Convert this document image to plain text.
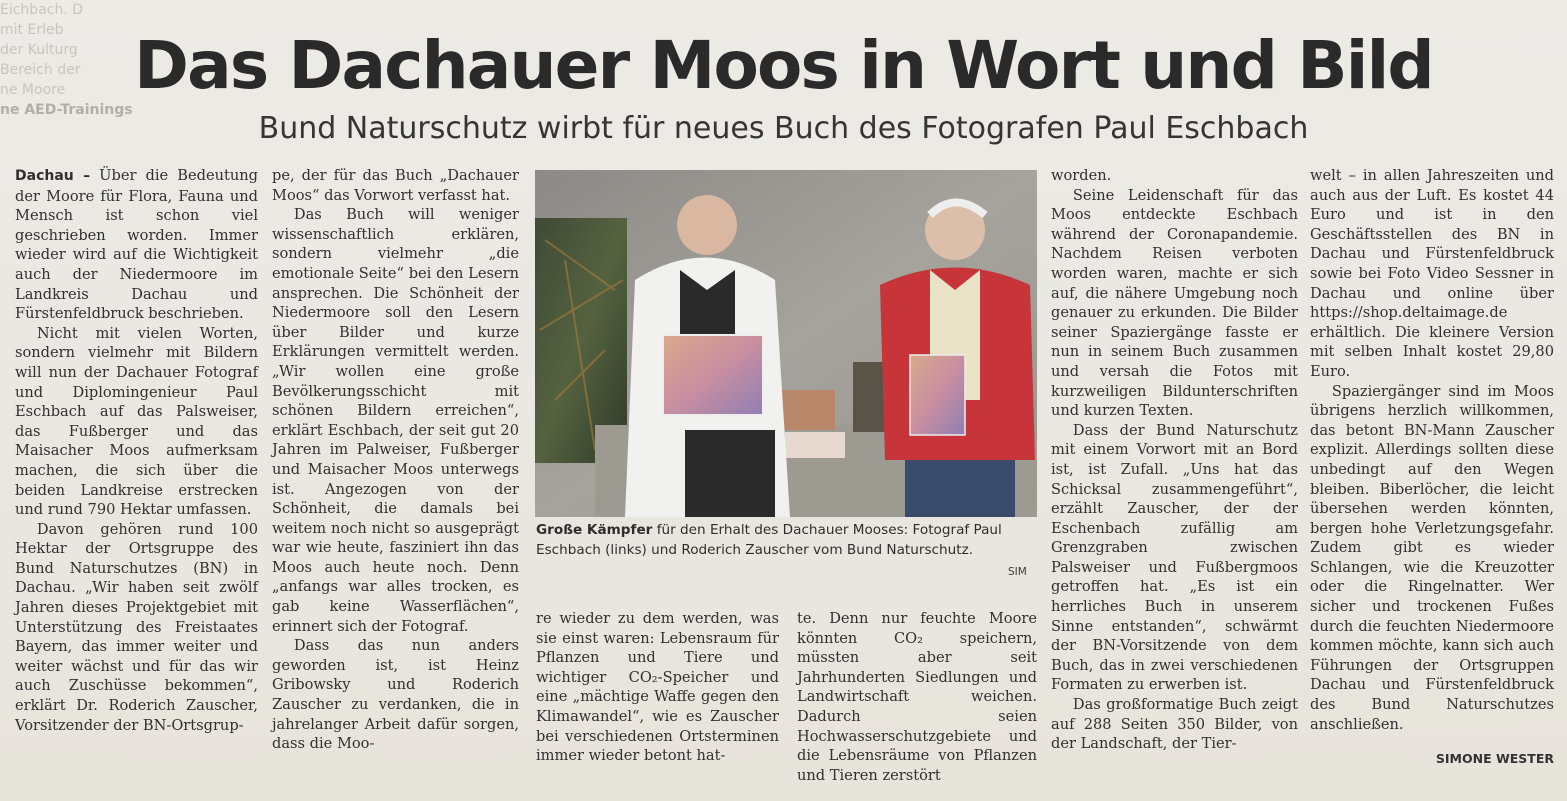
Eichbach. D
mit Erleb
der Kulturg
Bereich der
ne Moore
ne AED-Trainings
Das Dachauer Moos in Wort und Bild
Bund Naturschutz wirbt für neues Buch des Fotografen Paul Eschbach

Dachau – Über die Bedeutung der Moore für Flora, Fauna und Mensch ist schon viel geschrieben worden. Immer wieder wird auf die Wichtigkeit auch der Niedermoore im Landkreis Dachau und Fürstenfeldbruck beschrieben.

Nicht mit vielen Worten, sondern vielmehr mit Bildern will nun der Dachauer Fotograf und Diplomingenieur Paul Eschbach auf das Palsweiser, das Fußberger und das Maisacher Moos aufmerksam machen, die sich über die beiden Landkreise erstrecken und rund 790 Hektar umfassen.

Davon gehören rund 100 Hektar der Ortsgruppe des Bund Naturschutzes (BN) in Dachau. „Wir haben seit zwölf Jahren dieses Projektgebiet mit Unterstützung des Freistaates Bayern, das immer weiter und weiter wächst und für das wir auch Zuschüsse bekommen“, erklärt Dr. Roderich Zauscher, Vorsitzender der BN-Ortsgrup-

pe, der für das Buch „Dachauer Moos“ das Vorwort verfasst hat.

Das Buch will weniger wissenschaftlich erklären, sondern vielmehr „die emotionale Seite“ bei den Lesern ansprechen. Die Schönheit der Niedermoore soll den Lesern über Bilder und kurze Erklärungen vermittelt werden. „Wir wollen eine große Bevölkerungsschicht mit schönen Bildern erreichen“, erklärt Eschbach, der seit gut 20 Jahren im Palweiser, Fußberger und Maisacher Moos unterwegs ist. Angezogen von der Schönheit, die damals bei weitem noch nicht so ausgeprägt war wie heute, fasziniert ihn das Moos auch heute noch. Denn „anfangs war alles trocken, es gab keine Wasserflächen“, erinnert sich der Fotograf.

Dass das nun anders geworden ist, ist Heinz Gribowsky und Roderich Zauscher zu verdanken, die in jahrelanger Arbeit dafür sorgen, dass die Moo-

Große Kämpfer für den Erhalt des Dachauer Mooses: Fotograf Paul Eschbach (links) und Roderich Zauscher vom Bund Naturschutz.
SIM

re wieder zu dem werden, was sie einst waren: Lebensraum für Pflanzen und Tiere und wichtiger CO₂-Speicher und eine „mächtige Waffe gegen den Klimawandel“, wie es Zauscher bei verschiedenen Ortsterminen immer wieder betont hat-

te. Denn nur feuchte Moore könnten CO₂ speichern, müssten aber seit Jahrhunderten Siedlungen und Landwirtschaft weichen. Dadurch seien Hochwasserschutzgebiete und die Lebensräume von Pflanzen und Tieren zerstört

worden.

Seine Leidenschaft für das Moos entdeckte Eschbach während der Coronapandemie. Nachdem Reisen verboten worden waren, machte er sich auf, die nähere Umgebung noch genauer zu erkunden. Die Bilder seiner Spaziergänge fasste er nun in seinem Buch zusammen und versah die Fotos mit kurzweiligen Bildunterschriften und kurzen Texten.

Dass der Bund Naturschutz mit einem Vorwort mit an Bord ist, ist Zufall. „Uns hat das Schicksal zusammengeführt“, erzählt Zauscher, der der Eschenbach zufällig am Grenzgraben zwischen Palsweiser und Fußbergmoos getroffen hat. „Es ist ein herrliches Buch in unserem Sinne entstanden“, schwärmt der BN-Vorsitzende von dem Buch, das in zwei verschiedenen Formaten zu erwerben ist.

Das großformatige Buch zeigt auf 288 Seiten 350 Bilder, von der Landschaft, der Tier-

welt – in allen Jahreszeiten und auch aus der Luft. Es kostet 44 Euro und ist in den Geschäftsstellen des BN in Dachau und Fürstenfeldbruck sowie bei Foto Video Sessner in Dachau und online über https://shop.deltaimage.de erhältlich. Die kleinere Version mit selben Inhalt kostet 29,80 Euro.

Spaziergänger sind im Moos übrigens herzlich willkommen, das betont BN-Mann Zauscher explizit. Allerdings sollten diese unbedingt auf den Wegen bleiben. Biberlöcher, die leicht übersehen werden könnten, bergen hohe Verletzungsgefahr. Zudem gibt es wieder Schlangen, wie die Kreuzotter oder die Ringelnatter. Wer sicher und trockenen Fußes durch die feuchten Niedermoore kommen möchte, kann sich auch Führungen der Ortsgruppen Dachau und Fürstenfeldbruck des Bund Naturschutzes anschließen.

SIMONE WESTER
